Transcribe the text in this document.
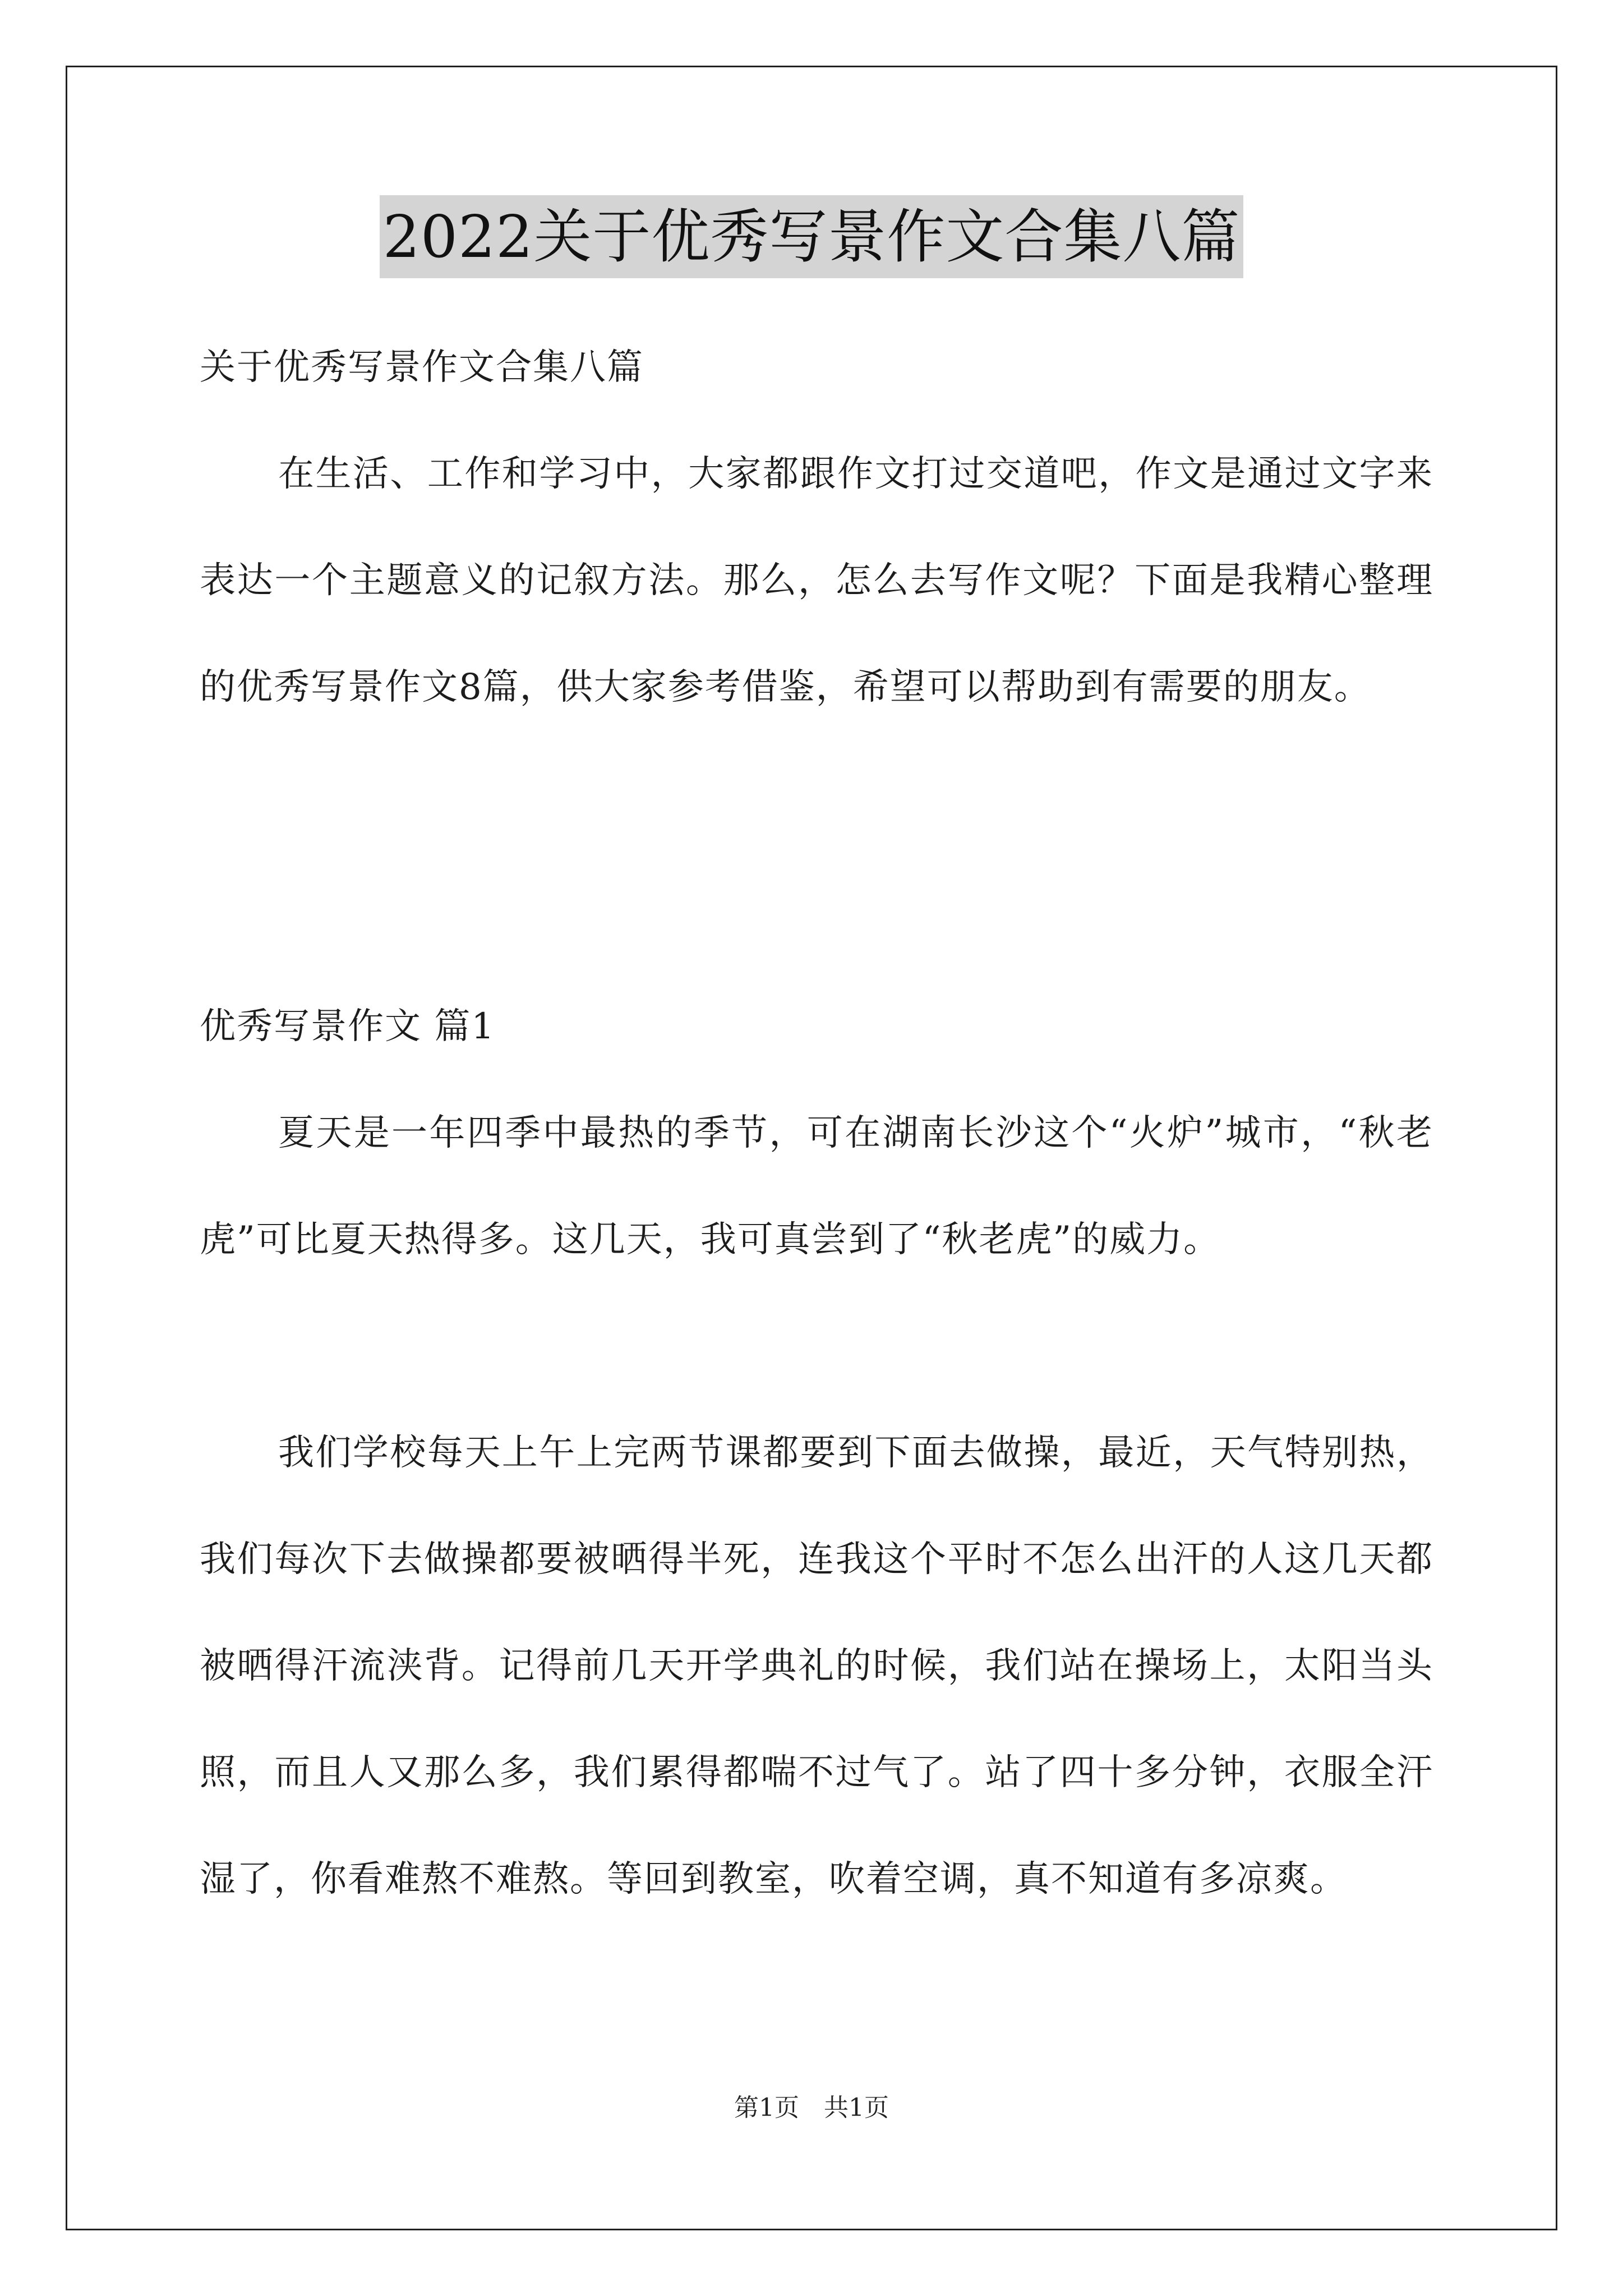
2022关于优秀写景作文合集八篇
关于优秀写景作文合集八篇
在生活、工作和学习中，大家都跟作文打过交道吧，作文是通过文字来表达一个主题意义的记叙方法。那么，怎么去写作文呢？下面是我精心整理的优秀写景作文8篇，供大家参考借鉴，希望可以帮助到有需要的朋友。
优秀写景作文 篇1
夏天是一年四季中最热的季节，可在湖南长沙这个“火炉”城市，“秋老虎”可比夏天热得多。这几天，我可真尝到了“秋老虎”的威力。
我们学校每天上午上完两节课都要到下面去做操，最近，天气特别热，我们每次下去做操都要被晒得半死，连我这个平时不怎么出汗的人这几天都被晒得汗流浃背。记得前几天开学典礼的时候，我们站在操场上，太阳当头照，而且人又那么多，我们累得都喘不过气了。站了四十多分钟，衣服全汗湿了，你看难熬不难熬。等回到教室，吹着空调，真不知道有多凉爽。
第1页　共1页
